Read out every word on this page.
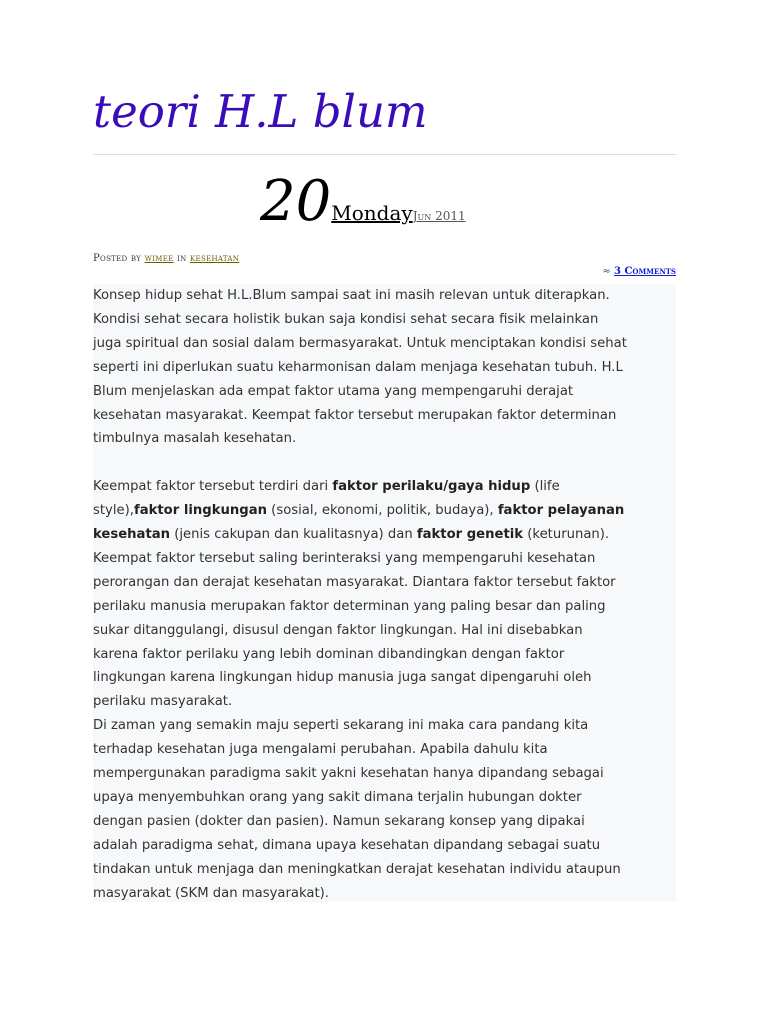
teori H.L blum
20MondayJun 2011
Posted by wimee in kesehatan
≈ 3 Comments

Konsep hidup sehat H.L.Blum sampai saat ini masih relevan untuk diterapkan.

Kondisi sehat secara holistik bukan saja kondisi sehat secara fisik melainkan

juga spiritual dan sosial dalam bermasyarakat. Untuk menciptakan kondisi sehat

seperti ini diperlukan suatu keharmonisan dalam menjaga kesehatan tubuh. H.L

Blum menjelaskan ada empat faktor utama yang mempengaruhi derajat

kesehatan masyarakat. Keempat faktor tersebut merupakan faktor determinan

timbulnya masalah kesehatan.

Keempat faktor tersebut terdiri dari faktor perilaku/gaya hidup (life

style),faktor lingkungan (sosial, ekonomi, politik, budaya), faktor pelayanan

kesehatan (jenis cakupan dan kualitasnya) dan faktor genetik (keturunan).

Keempat faktor tersebut saling berinteraksi yang mempengaruhi kesehatan

perorangan dan derajat kesehatan masyarakat. Diantara faktor tersebut faktor

perilaku manusia merupakan faktor determinan yang paling besar dan paling

sukar ditanggulangi, disusul dengan faktor lingkungan. Hal ini disebabkan

karena faktor perilaku yang lebih dominan dibandingkan dengan faktor

lingkungan karena lingkungan hidup manusia juga sangat dipengaruhi oleh

perilaku masyarakat.

Di zaman yang semakin maju seperti sekarang ini maka cara pandang kita

terhadap kesehatan juga mengalami perubahan. Apabila dahulu kita

mempergunakan paradigma sakit yakni kesehatan hanya dipandang sebagai

upaya menyembuhkan orang yang sakit dimana terjalin hubungan dokter

dengan pasien (dokter dan pasien). Namun sekarang konsep yang dipakai

adalah paradigma sehat, dimana upaya kesehatan dipandang sebagai suatu

tindakan untuk menjaga dan meningkatkan derajat kesehatan individu ataupun

masyarakat (SKM dan masyarakat).
